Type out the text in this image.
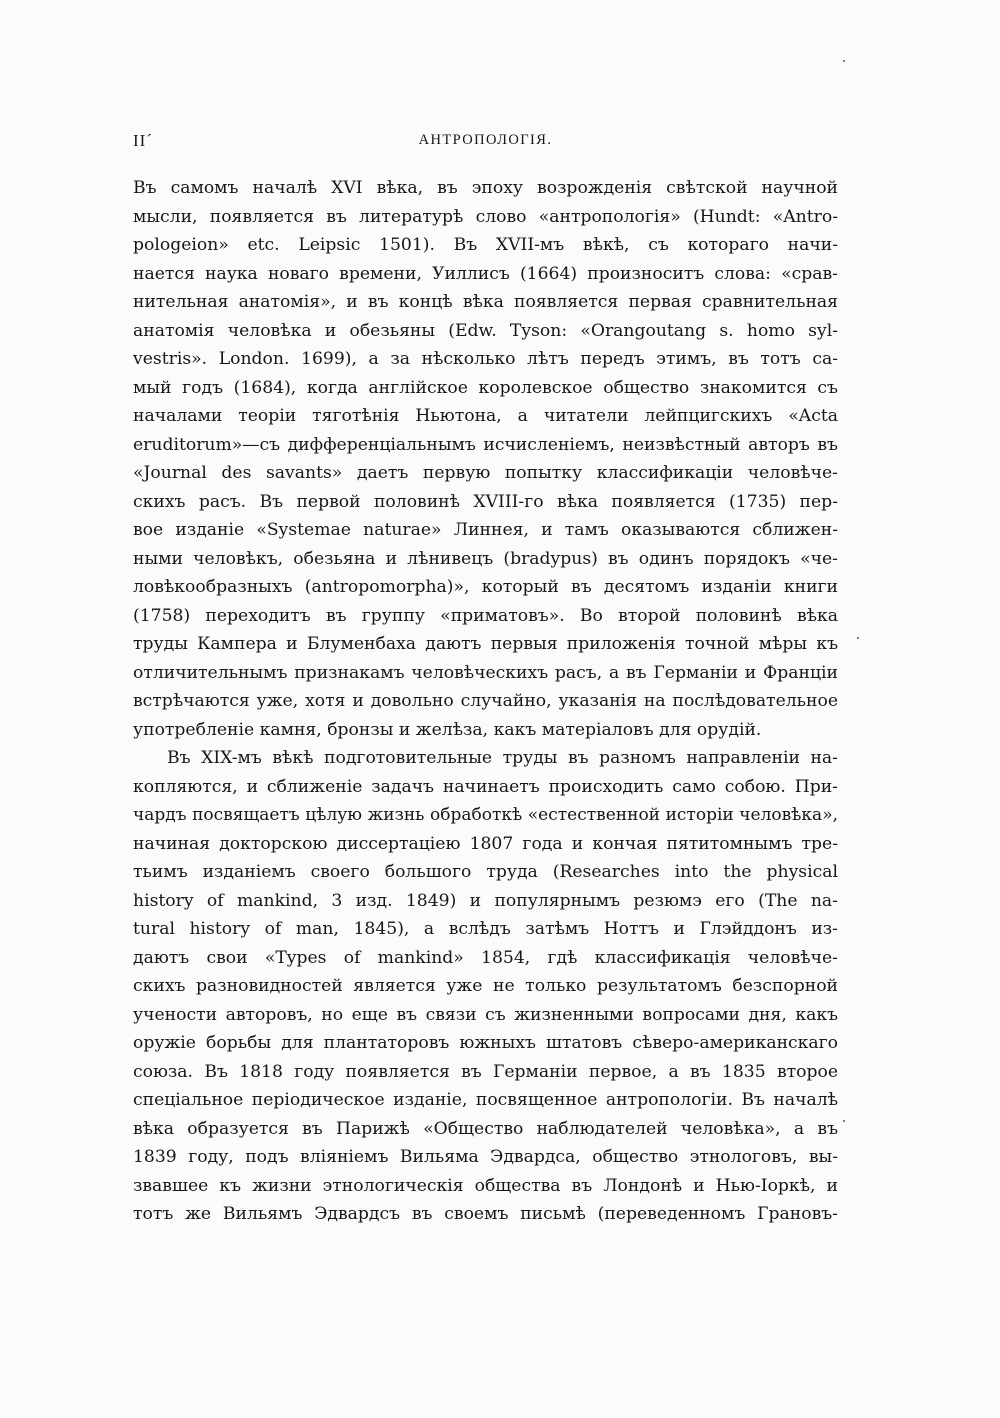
II´	АНТРОПОЛОГІЯ.
Въ самомъ началѣ XVI вѣка, въ эпоху возрожденія свѣтской научной
мысли, появляется въ литературѣ слово «антропологія» (Hundt: «Antro-
pologeion» etc. Leipsic 1501). Въ XVII-мъ вѣкѣ, съ котораго начи-
нается наука новаго времени, Уиллисъ (1664) произноситъ слова: «срав-
нительная анатомія», и въ концѣ вѣка появляется первая сравнительная
анатомія человѣка и обезьяны (Edw. Tyson: «Orangoutang s. homo syl-
vestris». London. 1699), а за нѣсколько лѣтъ передъ этимъ, въ тотъ са-
мый годъ (1684), когда англійское королевское общество знакомится съ
началами теоріи тяготѣнія Ньютона, а читатели лейпцигскихъ «Acta
eruditorum»—съ дифференціальнымъ исчисленіемъ, неизвѣстный авторъ въ
«Journal des savants» даетъ первую попытку классификаціи человѣче-
скихъ расъ. Въ первой половинѣ XVIII-го вѣка появляется (1735) пер-
вое изданіе «Systemae naturae» Линнея, и тамъ оказываются сближен-
ными человѣкъ, обезьяна и лѣнивецъ (bradypus) въ одинъ порядокъ «че-
ловѣкообразныхъ (antropomorpha)», который въ десятомъ изданіи книги
(1758) переходитъ въ группу «приматовъ». Во второй половинѣ вѣка
труды Кампера и Блуменбаха даютъ первыя приложенія точной мѣры къ
отличительнымъ признакамъ человѣческихъ расъ, а въ Германіи и Франціи
встрѣчаются уже, хотя и довольно случайно, указанія на послѣдовательное
употребленіе камня, бронзы и желѣза, какъ матеріаловъ для орудій.
Въ XIX-мъ вѣкѣ подготовительные труды въ разномъ направленіи на-
копляются, и сближеніе задачъ начинаетъ происходить само собою. При-
чардъ посвящаетъ цѣлую жизнь обработкѣ «естественной исторіи человѣка»,
начиная докторскою диссертаціею 1807 года и кончая пятитомнымъ тре-
тьимъ изданіемъ своего большого труда (Researches into the physical
history of mankind, 3 изд. 1849) и популярнымъ резюмэ его (The na-
tural history of man, 1845), а вслѣдъ затѣмъ Ноттъ и Глэйддонъ из-
даютъ свои «Types of mankind» 1854, гдѣ классификація человѣче-
скихъ разновидностей является уже не только результатомъ безспорной
учености авторовъ, но еще въ связи съ жизненными вопросами дня, какъ
оружіе борьбы для плантаторовъ южныхъ штатовъ сѣверо-американскаго
союза. Въ 1818 году появляется въ Германіи первое, а въ 1835 второе
спеціальное періодическое изданіе, посвященное антропологіи. Въ началѣ
вѣка образуется въ Парижѣ «Общество наблюдателей человѣка», а въ
1839 году, подъ вліяніемъ Вильяма Эдвардса, общество этнологовъ, вы-
звавшее къ жизни этнологическія общества въ Лондонѣ и Нью-Іоркѣ, и
тотъ же Вильямъ Эдвардсъ въ своемъ письмѣ (переведенномъ Грановъ-
